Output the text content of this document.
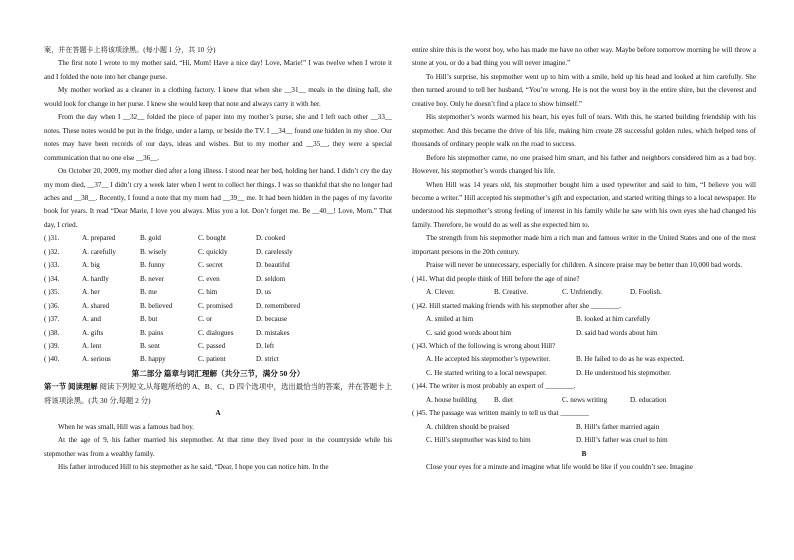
案，并在答题卡上将该项涂黑。(每小题 1 分，共 10 分)

The first note I wrote to my mother said, “Hi, Mom! Have a nice day! Love, Marie!” I was twelve when I wrote it and I folded the note into her change purse.

My mother worked as a cleaner in a clothing factory. I knew that when she __31__ meals in the dining hall, she would look for change in her purse. I knew she would keep that note and always carry it with her.

From the day when I __32__ folded the piece of paper into my mother’s purse, she and I left each other __33__ notes. These notes would be put in the fridge, under a lamp, or beside the TV. I __34__ found one hidden in my shoe. Our notes may have been records of our days, ideas and wishes. But to my mother and __35__, they were a special communication that no one else __36__.

On October 20, 2009, my mother died after a long illness. I stood near her bed, holding her hand. I didn’t cry the day my mom died, __37__ I didn’t cry a week later when I went to collect her things. I was so thankful that she no longer had aches and __38__. Recently, I found a note that my mom had __39__ me. It had been hidden in the pages of my favorite book for years. It read “Dear Marie, I love you always. Miss you a lot. Don’t forget me. Be __40__! Love, Mom.” That day, I cried.

( )31.	A. prepared	B. gold	C. bought	D. cooked
( )32.	A. carefully	B. wisely	C. quickly	D. carelessly
( )33.	A. big	B. funny	C. secret	D. beautiful
( )34.	A. hardly	B. never	C. even	D. seldom
( )35.	A. her	B. me	C. him	D. us
( )36.	A. shared	B. believed	C. promised	D. remembered
( )37.	A. and	B. but	C. or	D. because
( )38.	A. gifts	B. pains	C. dialogues	D. mistakes
( )39.	A. lent	B. sent	C. passed	D. left
( )40.	A. serious	B. happy	C. patient	D. strict

第二部分 篇章与词汇理解（共分三节，满分 50 分）

第一节 阅读理解 阅读下列短文,从每题所给的 A、B、C、D 四个选项中，选出最恰当的答案，并在答题卡上将该项涂黑。(共 30 分,每题 2 分)

A

When he was small, Hill was a famous bad boy.

At the age of 9, his father married his stepmother. At that time they lived poor in the countryside while his stepmother was from a wealthy family.

His father introduced Hill to his stepmother as he said, “Dear, I hope you can notice him. In the

entire shire this is the worst boy, who has made me have no other way. Maybe before tomorrow morning he will throw a stone at you, or do a bad thing you will never imagine.”

To Hill’s surprise, his stepmother went up to him with a smile, held up his head and looked at him carefully. She then turned around to tell her husband, “You’re wrong. He is not the worst boy in the entire shire, but the cleverest and creative boy. Only he doesn’t find a place to show himself.”

His stepmother’s words warmed his heart, his eyes full of tears. With this, he started building friendship with his stepmother. And this became the drive of his life, making him create 28 successful golden rules, which helped tens of thousands of ordinary people walk on the road to success.

Before his stepmother came, no one praised him smart, and his father and neighbors considered him as a bad boy. However, his stepmother’s words changed his life.

When Hill was 14 years old, his stepmother bought him a used typewriter and said to him, “I believe you will become a writer.” Hill accepted his stepmother’s gift and expectation, and started writing things to a local newspaper. He understood his stepmother’s strong feeling of interest in his family while he saw with his own eyes she had changed his family. Therefore, he would do as well as she expected him to.

The strength from his stepmother made him a rich man and famous writer in the United States and one of the most important persons in the 20th century.

Praise will never be unnecessary, especially for children. A sincere praise may be better than 10,000 bad words.

( )41. What did people think of Hill before the age of nine?
A. Clever.	B. Creative.	C. Unfriendly.	D. Foolish.
( )42. Hill started making friends with his stepmother after she ________.
A. smiled at him	B. looked at him carefully
C. said good words about him	D. said bad words about him
( )43. Which of the following is wrong about Hill?
A. He accepted his stepmother’s typewriter.	B. He failed to do as he was expected.
C. He started writing to a local newspaper.	D. He understood his stepmother.
( )44. The writer is most probably an expert of ________.
A. house building	B. diet	C. news writing	D. education
( )45. The passage was written mainly to tell us that ________
A. children should be praised	B. Hill’s father married again
C. Hill’s stepmother was kind to him	D. Hill’s father was cruel to him

B

Close your eyes for a minute and imagine what life would be like if you couldn’t see. Imagine
